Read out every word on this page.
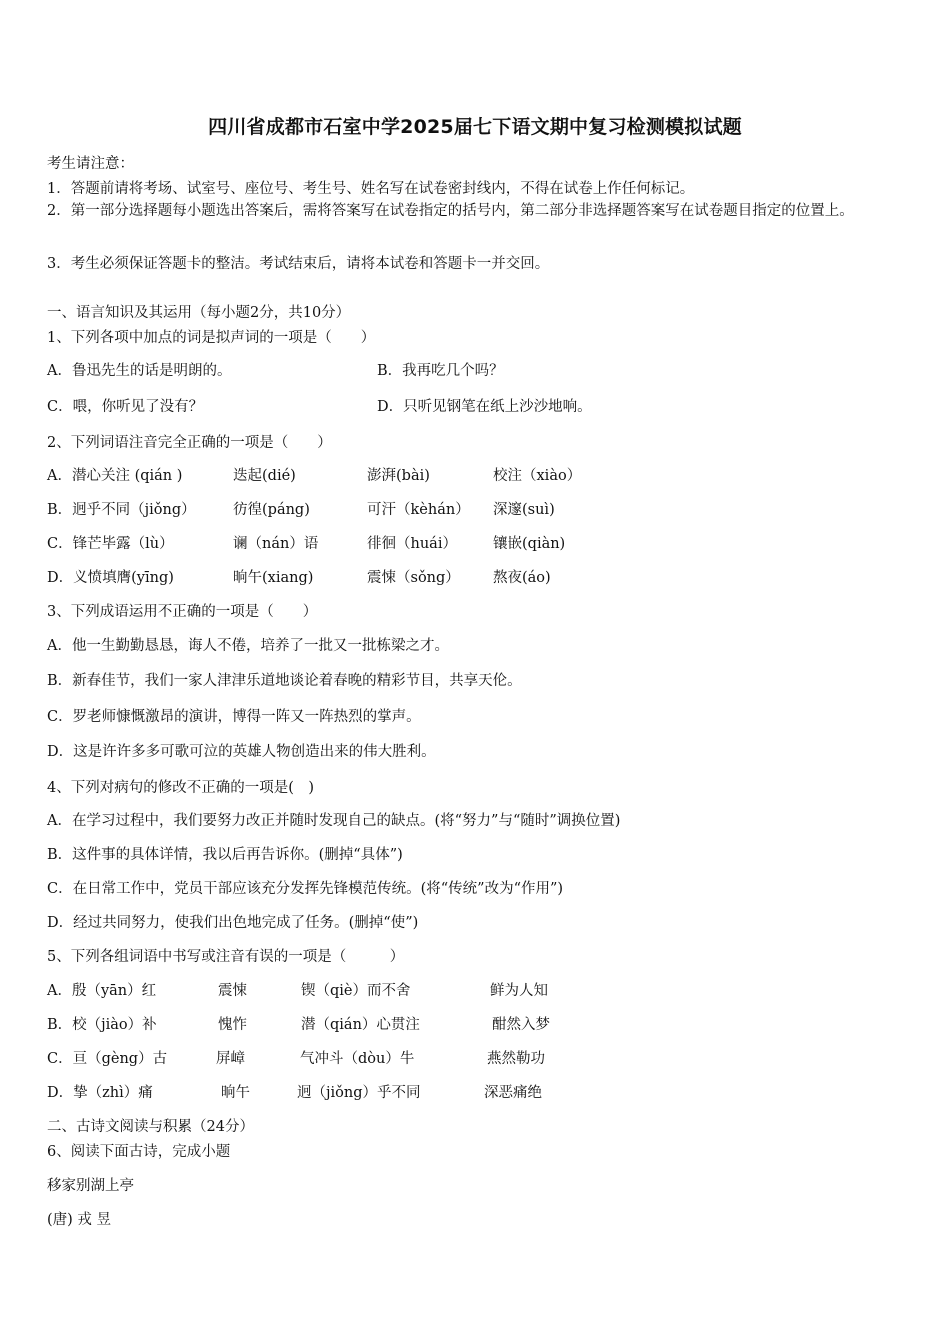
四川省成都市石室中学2025届七下语文期中复习检测模拟试题
考生请注意：
1．答题前请将考场、试室号、座位号、考生号、姓名写在试卷密封线内，不得在试卷上作任何标记。
2．第一部分选择题每小题选出答案后，需将答案写在试卷指定的括号内，第二部分非选择题答案写在试卷题目指定的位置上。
3．考生必须保证答题卡的整洁。考试结束后，请将本试卷和答题卡一并交回。
一、语言知识及其运用（每小题2分，共10分）
1、下列各项中加点的词是拟声词的一项是（　　）
A．鲁迅先生的话是明朗的。	B．我再吃几个吗？
C．喂，你听见了没有？	D．只听见钢笔在纸上沙沙地响。
2、下列词语注音完全正确的一项是（　　）
A．潜心关注 (qián )	迭起(dié)	澎湃(bài)	校注（xiào）
B．迥乎不同（jiǒng）	彷徨(páng)	可汗（kèhán） 深邃(suì)
C．锋芒毕露（lù）	谰（nán）语	徘徊（huái） 镶嵌(qiàn)
D．义愤填膺(yīng)	晌午(xiang)	震悚（sǒng） 熬夜(áo)
3、下列成语运用不正确的一项是（　　）
A．他一生勤勤恳恳，诲人不倦，培养了一批又一批栋梁之才。
B．新春佳节，我们一家人津津乐道地谈论着春晚的精彩节目，共享天伦。
C．罗老师慷慨激昂的演讲，博得一阵又一阵热烈的掌声。
D．这是许许多多可歌可泣的英雄人物创造出来的伟大胜利。
4、下列对病句的修改不正确的一项是(　)
A．在学习过程中，我们要努力改正并随时发现自己的缺点。(将“努力”与“随时”调换位置)
B．这件事的具体详情，我以后再告诉你。(删掉“具体”)
C．在日常工作中，党员干部应该充分发挥先锋模范传统。(将“传统”改为“作用”)
D．经过共同努力，使我们出色地完成了任务。(删掉“使”)
5、下列各组词语中书写或注音有误的一项是（　　　）
A．殷（yān）红	震悚	锲（qiè）而不舍	鲜为人知
B．校（jiào）补	愧怍	潜（qián）心贯注	酣然入梦
C．亘（gèng）古	屏嶂	气冲斗（dòu）牛	燕然勒功
D．挚（zhì）痛	晌午	迥（jiǒng）乎不同	深恶痛绝
二、古诗文阅读与积累（24分）
6、阅读下面古诗，完成小题
移家别湖上亭
(唐) 戎 昱
